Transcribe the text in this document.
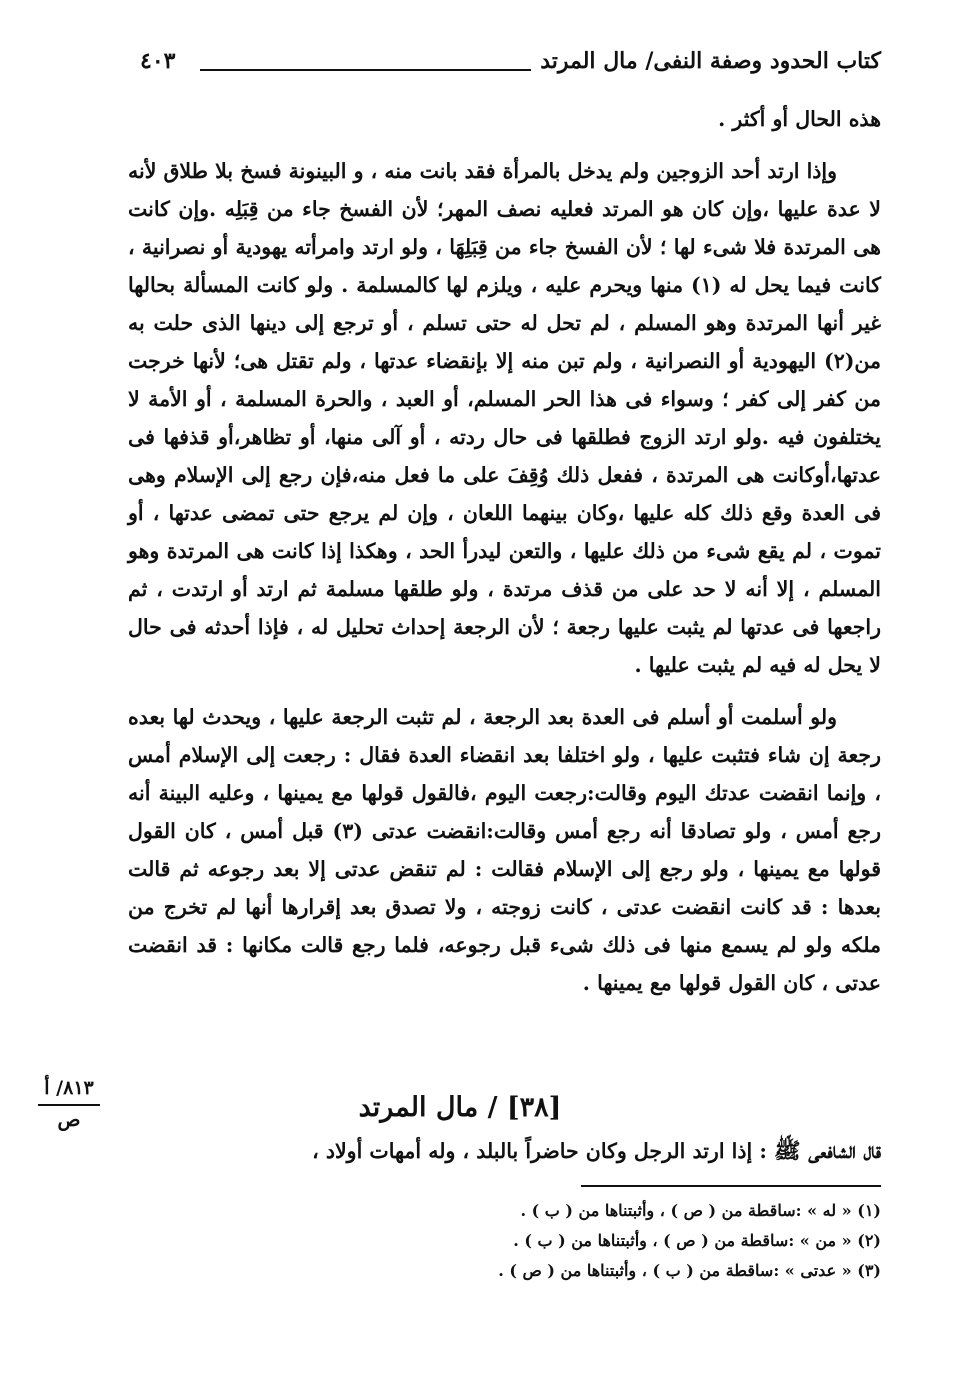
كتاب الحدود وصفة النفى/ مال المرتد
٤٠٣

هذه الحال أو أكثر .

وإذا ارتد أحد الزوجين ولم يدخل بالمرأة فقد بانت منه ، و البينونة فسخ بلا طلاق لأنه لا عدة عليها ،وإن كان هو المرتد فعليه نصف المهر؛ لأن الفسخ جاء من قِبَلِه .وإن كانت هى المرتدة فلا شىء لها ؛ لأن الفسخ جاء من قِبَلِهَا ، ولو ارتد وامرأته يهودية أو نصرانية ، كانت فيما يحل له (١) منها ويحرم عليه ، ويلزم لها كالمسلمة . ولو كانت المسألة بحالها غير أنها المرتدة وهو المسلم ، لم تحل له حتى تسلم ، أو ترجع إلى دينها الذى حلت به من(٢) اليهودية أو النصرانية ، ولم تبن منه إلا بإنقضاء عدتها ، ولم تقتل هى؛ لأنها خرجت من كفر إلى كفر ؛ وسواء فى هذا الحر المسلم، أو العبد ، والحرة المسلمة ، أو الأمة لا يختلفون فيه .ولو ارتد الزوج فطلقها فى حال ردته ، أو آلى منها، أو تظاهر،أو قذفها فى عدتها،أوكانت هى المرتدة ، ففعل ذلك وُقِفَ على ما فعل منه،فإن رجع إلى الإسلام وهى فى العدة وقع ذلك كله عليها ،وكان بينهما اللعان ، وإن لم يرجع حتى تمضى عدتها ، أو تموت ، لم يقع شىء من ذلك عليها ، والتعن ليدرأ الحد ، وهكذا إذا كانت هى المرتدة وهو المسلم ، إلا أنه لا حد على من قذف مرتدة ، ولو طلقها مسلمة ثم ارتد أو ارتدت ، ثم راجعها فى عدتها لم يثبت عليها رجعة ؛ لأن الرجعة إحداث تحليل له ، فإذا أحدثه فى حال لا يحل له فيه لم يثبت عليها .

ولو أسلمت أو أسلم فى العدة بعد الرجعة ، لم تثبت الرجعة عليها ، ويحدث لها بعده رجعة إن شاء فتثبت عليها ، ولو اختلفا بعد انقضاء العدة فقال : رجعت إلى الإسلام أمس ، وإنما انقضت عدتك اليوم وقالت:رجعت اليوم ،فالقول قولها مع يمينها ، وعليه البينة أنه رجع أمس ، ولو تصادقا أنه رجع أمس وقالت:انقضت عدتى (٣) قبل أمس ، كان القول قولها مع يمينها ، ولو رجع إلى الإسلام فقالت : لم تنقض عدتى إلا بعد رجوعه ثم قالت بعدها : قد كانت انقضت عدتى ، كانت زوجته ، ولا تصدق بعد إقرارها أنها لم تخرج من ملكه ولو لم يسمع منها فى ذلك شىء قبل رجوعه، فلما رجع قالت مكانها : قد انقضت عدتى ، كان القول قولها مع يمينها .

٨١٣/ أ
ص	[٣٨] / مال المرتد
قال الشافعى ﷺ : إذا ارتد الرجل وكان حاضراً بالبلد ، وله أمهات أولاد ،
(١) « له » :ساقطة من ( ص ) ، وأثبتناها من ( ب ) .
(٢) « من » :ساقطة من ( ص ) ، وأثبتناها من ( ب ) .
(٣) « عدتى » :ساقطة من ( ب ) ، وأثبتناها من ( ص ) .
